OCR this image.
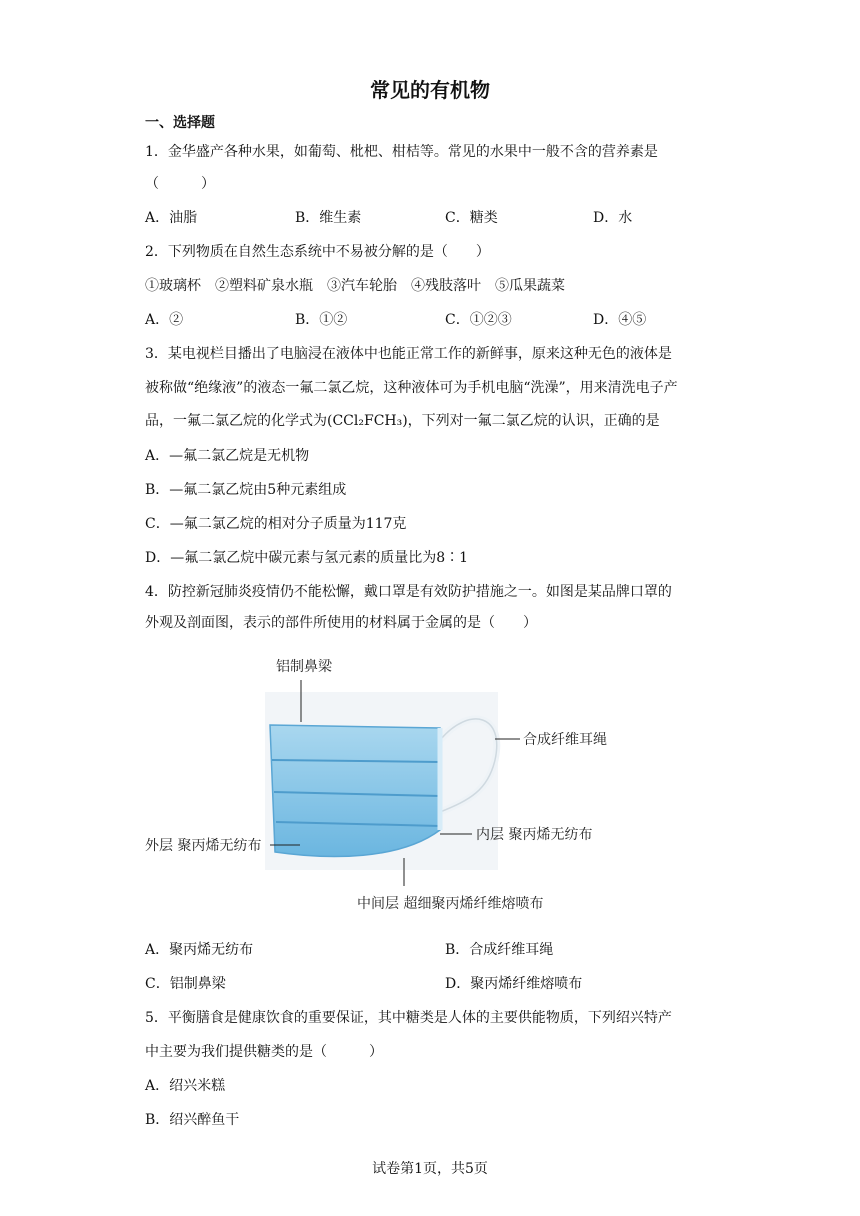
常见的有机物
一、选择题
1．金华盛产各种水果，如葡萄、枇杷、柑桔等。常见的水果中一般不含的营养素是
（　　　）
A．油脂	B．维生素	C．糖类	D．水
2．下列物质在自然生态系统中不易被分解的是（　　）
①玻璃杯　②塑料矿泉水瓶　③汽车轮胎　④残肢落叶　⑤瓜果蔬菜
A．②	B．①②	C．①②③	D．④⑤
3．某电视栏目播出了电脑浸在液体中也能正常工作的新鲜事，原来这种无色的液体是
被称做“绝缘液”的液态一氟二氯乙烷，这种液体可为手机电脑“洗澡”，用来清洗电子产
品，一氟二氯乙烷的化学式为(CCl₂FCH₃)，下列对一氟二氯乙烷的认识，正确的是
A．—氟二氯乙烷是无机物
B．—氟二氯乙烷由5种元素组成
C．—氟二氯乙烷的相对分子质量为117克
D．—氟二氯乙烷中碳元素与氢元素的质量比为8∶1
4．防控新冠肺炎疫情仍不能松懈，戴口罩是有效防护措施之一。如图是某品牌口罩的
外观及剖面图，表示的部件所使用的材料属于金属的是（　　）
铝制鼻梁
合成纤维耳绳
内层 聚丙烯无纺布
外层 聚丙烯无纺布
中间层 超细聚丙烯纤维熔喷布
A．聚丙烯无纺布	B．合成纤维耳绳
C．铝制鼻梁	D．聚丙烯纤维熔喷布
5．平衡膳食是健康饮食的重要保证，其中糖类是人体的主要供能物质，下列绍兴特产
中主要为我们提供糖类的是（　　　）
A．绍兴米糕
B．绍兴醉鱼干
试卷第1页，共5页
